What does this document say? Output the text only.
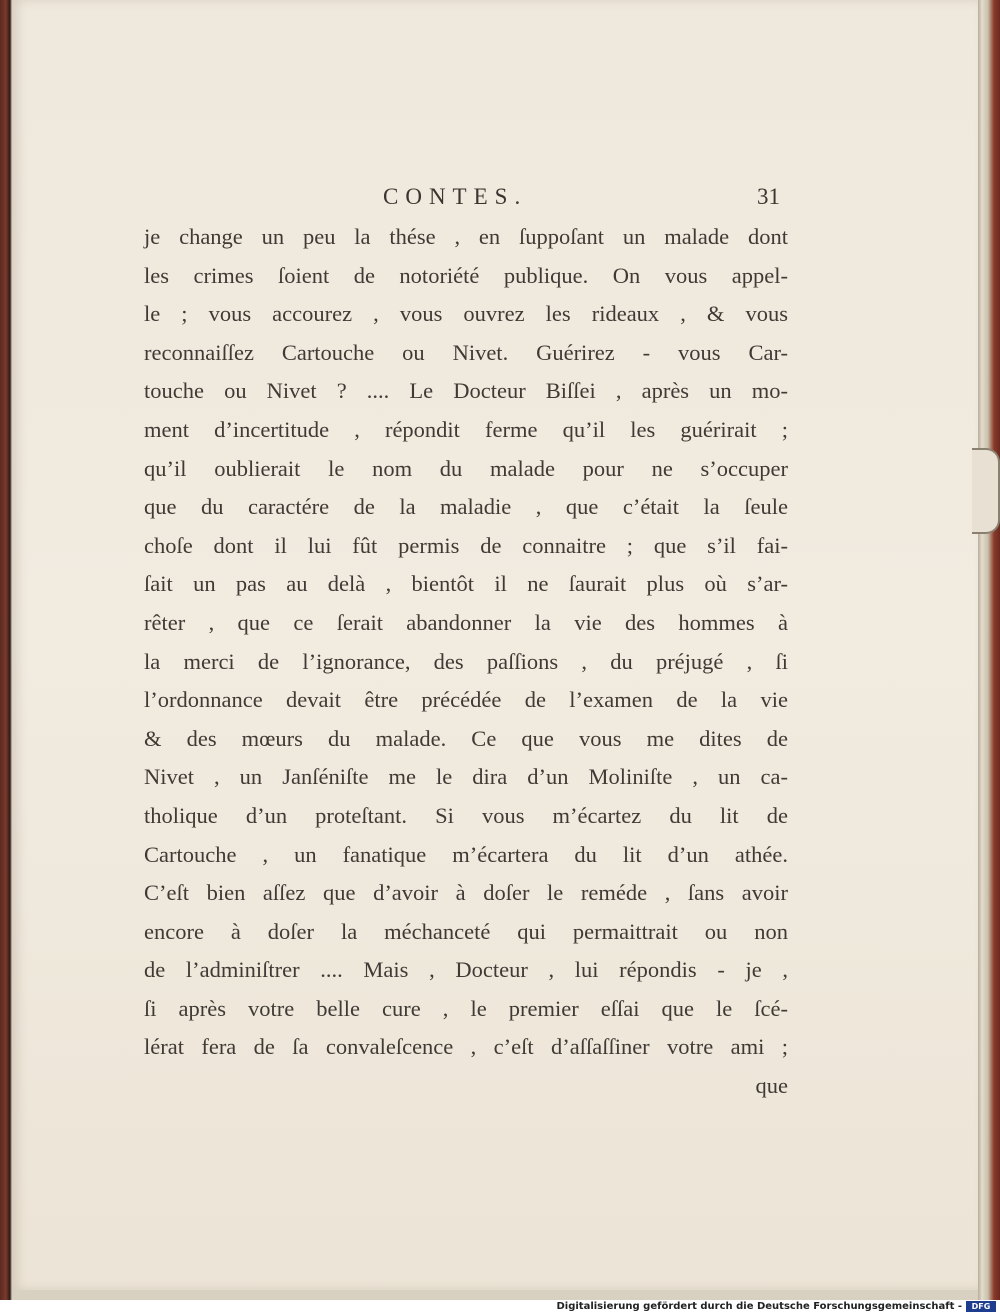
CONTES.	31
je change un peu la thése , en ſuppoſant un malade dont
les crimes ſoient de notoriété publique. On vous appel-
le ; vous accourez , vous ouvrez les rideaux , & vous
reconnaiſſez Cartouche ou Nivet. Guérirez - vous Car-
touche ou Nivet ? .... Le Docteur Biſſei , après un mo-
ment d’incertitude , répondit ferme qu’il les guérirait ;
qu’il oublierait le nom du malade pour ne s’occuper
que du caractére de la maladie , que c’était la ſeule
choſe dont il lui fût permis de connaitre ; que s’il fai-
ſait un pas au delà , bientôt il ne ſaurait plus où s’ar-
rêter , que ce ſerait abandonner la vie des hommes à
la merci de l’ignorance, des paſſions , du préjugé , ſi
l’ordonnance devait être précédée de l’examen de la vie
& des mœurs du malade. Ce que vous me dites de
Nivet , un Janſéniſte me le dira d’un Moliniſte , un ca-
tholique d’un proteſtant. Si vous m’écartez du lit de
Cartouche , un fanatique m’écartera du lit d’un athée.
C’eſt bien aſſez que d’avoir à doſer le reméde , ſans avoir
encore à doſer la méchanceté qui permaittrait ou non
de l’adminiſtrer .... Mais , Docteur , lui répondis - je ,
ſi après votre belle cure , le premier eſſai que le ſcé-
lérat fera de ſa convaleſcence , c’eſt d’aſſaſſiner votre ami ;
que
Digitalisierung gefördert durch die Deutsche Forschungsgemeinschaft -	DFG
